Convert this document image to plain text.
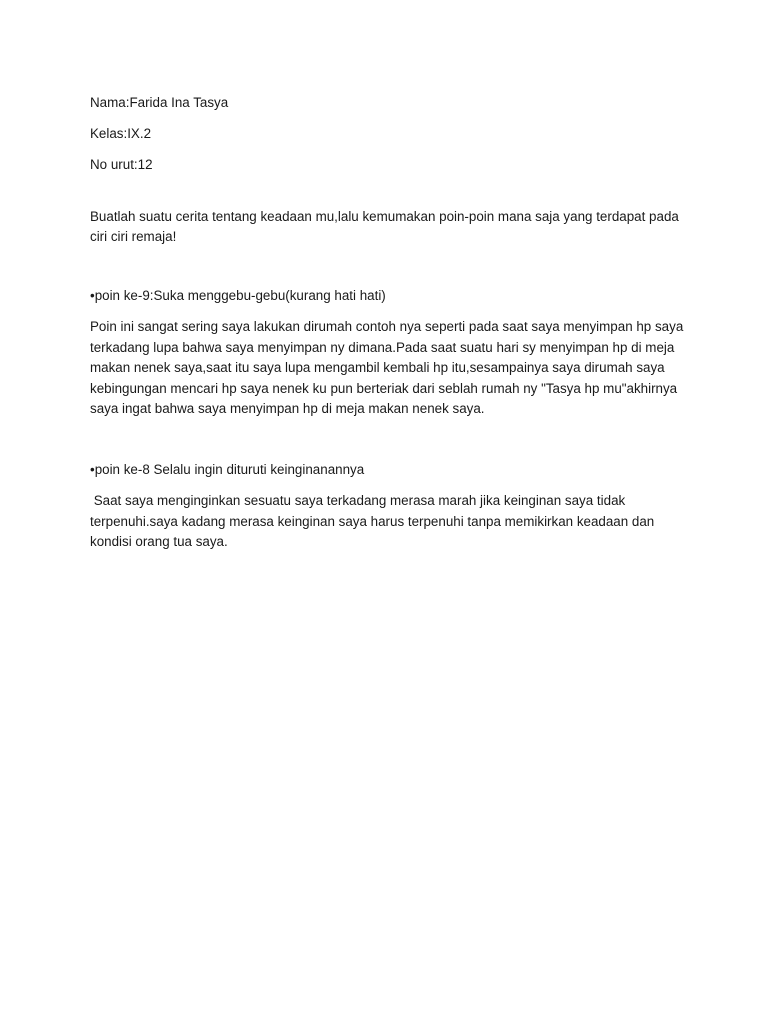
Nama:Farida Ina Tasya

Kelas:IX.2

No urut:12

Buatlah suatu cerita tentang keadaan mu,lalu kemumakan poin-poin mana saja yang terdapat pada ciri ciri remaja!

•poin ke-9:Suka menggebu-gebu(kurang hati hati)

Poin ini sangat sering saya lakukan dirumah contoh nya seperti pada saat saya menyimpan hp saya terkadang lupa bahwa saya menyimpan ny dimana.Pada saat suatu hari sy menyimpan hp di meja makan nenek saya,saat itu saya lupa mengambil kembali hp itu,sesampainya saya dirumah saya kebingungan mencari hp saya nenek ku pun berteriak dari seblah rumah ny "Tasya hp mu"akhirnya saya ingat bahwa saya menyimpan hp di meja makan nenek saya.

•poin ke-8 Selalu ingin dituruti keinginanannya

Saat saya menginginkan sesuatu saya terkadang merasa marah jika keinginan saya tidak terpenuhi.saya kadang merasa keinginan saya harus terpenuhi tanpa memikirkan keadaan dan kondisi orang tua saya.
